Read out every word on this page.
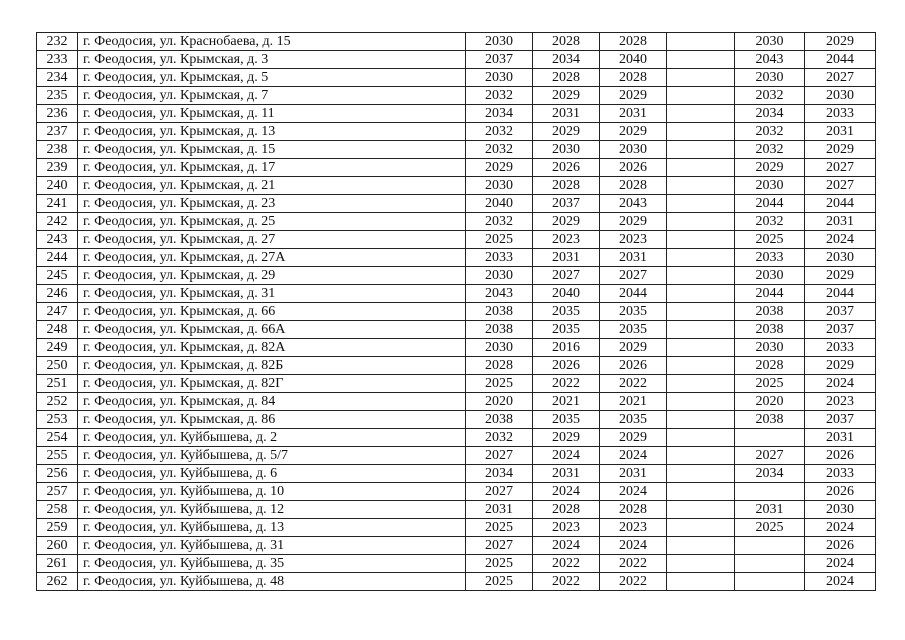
232	г. Феодосия, ул. Краснобаева, д. 15	2030	2028	2028		2030	2029
233	г. Феодосия, ул. Крымская, д. 3	2037	2034	2040		2043	2044
234	г. Феодосия, ул. Крымская, д. 5	2030	2028	2028		2030	2027
235	г. Феодосия, ул. Крымская, д. 7	2032	2029	2029		2032	2030
236	г. Феодосия, ул. Крымская, д. 11	2034	2031	2031		2034	2033
237	г. Феодосия, ул. Крымская, д. 13	2032	2029	2029		2032	2031
238	г. Феодосия, ул. Крымская, д. 15	2032	2030	2030		2032	2029
239	г. Феодосия, ул. Крымская, д. 17	2029	2026	2026		2029	2027
240	г. Феодосия, ул. Крымская, д. 21	2030	2028	2028		2030	2027
241	г. Феодосия, ул. Крымская, д. 23	2040	2037	2043		2044	2044
242	г. Феодосия, ул. Крымская, д. 25	2032	2029	2029		2032	2031
243	г. Феодосия, ул. Крымская, д. 27	2025	2023	2023		2025	2024
244	г. Феодосия, ул. Крымская, д. 27А	2033	2031	2031		2033	2030
245	г. Феодосия, ул. Крымская, д. 29	2030	2027	2027		2030	2029
246	г. Феодосия, ул. Крымская, д. 31	2043	2040	2044		2044	2044
247	г. Феодосия, ул. Крымская, д. 66	2038	2035	2035		2038	2037
248	г. Феодосия, ул. Крымская, д. 66А	2038	2035	2035		2038	2037
249	г. Феодосия, ул. Крымская, д. 82А	2030	2016	2029		2030	2033
250	г. Феодосия, ул. Крымская, д. 82Б	2028	2026	2026		2028	2029
251	г. Феодосия, ул. Крымская, д. 82Г	2025	2022	2022		2025	2024
252	г. Феодосия, ул. Крымская, д. 84	2020	2021	2021		2020	2023
253	г. Феодосия, ул. Крымская, д. 86	2038	2035	2035		2038	2037
254	г. Феодосия, ул. Куйбышева, д. 2	2032	2029	2029			2031
255	г. Феодосия, ул. Куйбышева, д. 5/7	2027	2024	2024		2027	2026
256	г. Феодосия, ул. Куйбышева, д. 6	2034	2031	2031		2034	2033
257	г. Феодосия, ул. Куйбышева, д. 10	2027	2024	2024			2026
258	г. Феодосия, ул. Куйбышева, д. 12	2031	2028	2028		2031	2030
259	г. Феодосия, ул. Куйбышева, д. 13	2025	2023	2023		2025	2024
260	г. Феодосия, ул. Куйбышева, д. 31	2027	2024	2024			2026
261	г. Феодосия, ул. Куйбышева, д. 35	2025	2022	2022			2024
262	г. Феодосия, ул. Куйбышева, д. 48	2025	2022	2022			2024
